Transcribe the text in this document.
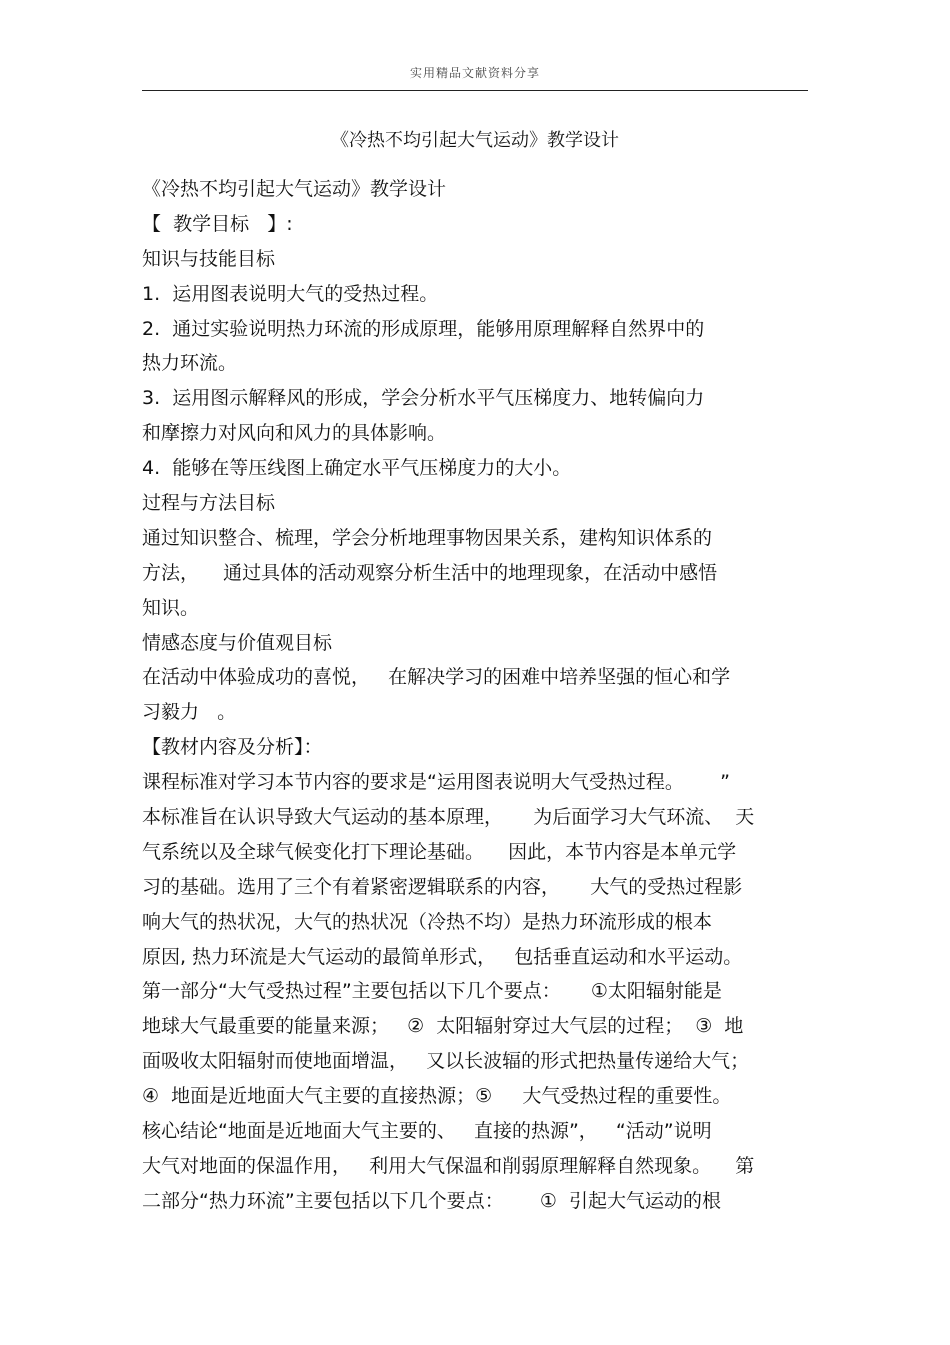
实用精品文献资料分享
《冷热不均引起大气运动》教学设计
《冷热不均引起大气运动》教学设计
【  教学目标   】:
知识与技能目标
1.  运用图表说明大气的受热过程。
2.  通过实验说明热力环流的形成原理，能够用原理解释自然界中的
热力环流。
3.  运用图示解释风的形成，学会分析水平气压梯度力、地转偏向力
和摩擦力对风向和风力的具体影响。
4.  能够在等压线图上确定水平气压梯度力的大小。
过程与方法目标
通过知识整合、梳理，学会分析地理事物因果关系，建构知识体系的
方法，    通过具体的活动观察分析生活中的地理现象，在活动中感悟
知识。
情感态度与价值观目标
在活动中体验成功的喜悦，   在解决学习的困难中培养坚强的恒心和学
习毅力   。
【教材内容及分析】：
课程标准对学习本节内容的要求是“运用图表说明大气受热过程。      ”
本标准旨在认识导致大气运动的基本原理，     为后面学习大气环流、  天
气系统以及全球气候变化打下理论基础。    因此，本节内容是本单元学
习的基础。选用了三个有着紧密逻辑联系的内容，     大气的受热过程影
响大气的热状况，大气的热状况（冷热不均）是热力环流形成的根本
原因, 热力环流是大气运动的最简单形式，   包括垂直运动和水平运动。
第一部分“大气受热过程”主要包括以下几个要点：     ①太阳辐射能是
地球大气最重要的能量来源；   ②  太阳辐射穿过大气层的过程；  ③  地
面吸收太阳辐射而使地面增温，   又以长波辐的形式把热量传递给大气；
④  地面是近地面大气主要的直接热源；⑤     大气受热过程的重要性。
核心结论“地面是近地面大气主要的、   直接的热源”，   “活动”说明
大气对地面的保温作用，   利用大气保温和削弱原理解释自然现象。    第
二部分“热力环流”主要包括以下几个要点：      ①  引起大气运动的根
